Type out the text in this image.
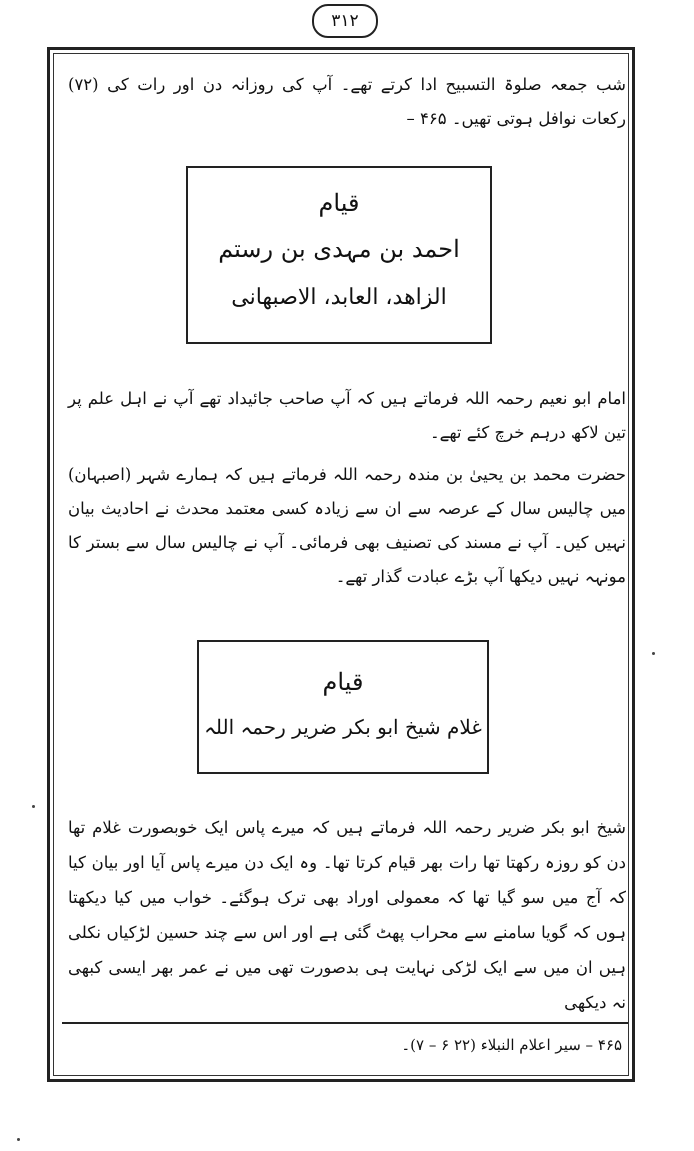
۳۱۲

شب جمعہ صلوۃ التسبیح ادا کرتے تھے۔ آپ کی روزانہ دن اور رات کی (۷۲) رکعات نوافل ہوتی تھیں۔ ۴۶۵ –

قیام
احمد بن مہدی بن رستم
الزاھد، العابد، الاصبھانی

امام ابو نعیم رحمہ اللہ فرماتے ہیں کہ آپ صاحب جائیداد تھے آپ نے اہل علم پر تین لاکھ درہم خرچ کئے تھے۔

حضرت محمد بن یحییٰ بن مندہ رحمہ اللہ فرماتے ہیں کہ ہمارے شہر (اصبہان) میں چالیس سال کے عرصہ سے ان سے زیادہ کسی معتمد محدث نے احادیث بیان نہیں کیں۔ آپ نے مسند کی تصنیف بھی فرمائی۔ آپ نے چالیس سال سے بستر کا مونہہ نہیں دیکھا آپ بڑے عبادت گذار تھے۔

قیام
غلام شیخ ابو بکر ضریر رحمہ اللہ

شیخ ابو بکر ضریر رحمہ اللہ فرماتے ہیں کہ میرے پاس ایک خوبصورت غلام تھا دن کو روزہ رکھتا تھا رات بھر قیام کرتا تھا۔ وہ ایک دن میرے پاس آیا اور بیان کیا کہ آج میں سو گیا تھا کہ معمولی اوراد بھی ترک ہوگئے۔ خواب میں کیا دیکھتا ہوں کہ گویا سامنے سے محراب پھٹ گئی ہے اور اس سے چند حسین لڑکیاں نکلی ہیں ان میں سے ایک لڑکی نہایت ہی بدصورت تھی میں نے عمر بھر ایسی کبھی نہ دیکھی

۴۶۵ – سیر اعلام النبلاء (۲۲ ۶ – ۷)۔
